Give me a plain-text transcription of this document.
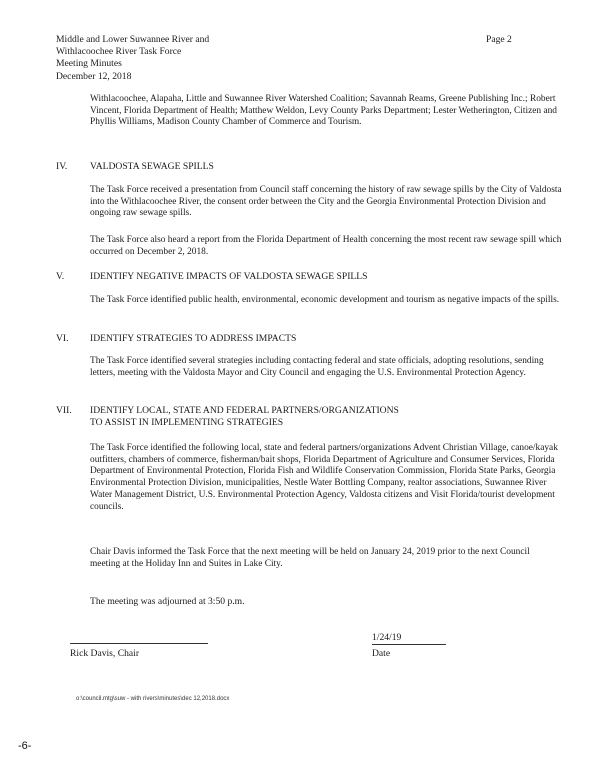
Middle and Lower Suwannee River and
Withlacoochee River Task Force
Meeting Minutes
December 12, 2018
Page 2
Withlacoochee, Alapaha, Little and Suwannee River Watershed Coalition; Savannah Reams, Greene Publishing Inc.; Robert Vincent, Florida Department of Health; Matthew Weldon, Levy County Parks Department; Lester Wetherington, Citizen and Phyllis Williams, Madison County Chamber of Commerce and Tourism.
IV. VALDOSTA SEWAGE SPILLS
The Task Force received a presentation from Council staff concerning the history of raw sewage spills by the City of Valdosta into the Withlacoochee River, the consent order between the City and the Georgia Environmental Protection Division and ongoing raw sewage spills.
The Task Force also heard a report from the Florida Department of Health concerning the most recent raw sewage spill which occurred on December 2, 2018.
V.	IDENTIFY NEGATIVE IMPACTS OF VALDOSTA SEWAGE SPILLS
The Task Force identified public health, environmental, economic development and tourism as negative impacts of the spills.
VI. IDENTIFY STRATEGIES TO ADDRESS IMPACTS
The Task Force identified several strategies including contacting federal and state officials, adopting resolutions, sending letters, meeting with the Valdosta Mayor and City Council and engaging the U.S. Environmental Protection Agency.
VII. IDENTIFY LOCAL, STATE AND FEDERAL PARTNERS/ORGANIZATIONS
TO ASSIST IN IMPLEMENTING STRATEGIES
The Task Force identified the following local, state and federal partners/organizations Advent Christian Village, canoe/kayak outfitters, chambers of commerce, fisherman/bait shops, Florida Department of Agriculture and Consumer Services, Florida Department of Environmental Protection, Florida Fish and Wildlife Conservation Commission, Florida State Parks, Georgia Environmental Protection Division, municipalities, Nestle Water Bottling Company, realtor associations, Suwannee River Water Management District, U.S. Environmental Protection Agency, Valdosta citizens and Visit Florida/tourist development councils.
Chair Davis informed the Task Force that the next meeting will be held on January 24, 2019 prior to the next Council meeting at the Holiday Inn and Suites in Lake City.
The meeting was adjourned at 3:50 p.m.
Rick Davis, Chair
1/24/19
Date
o:\council.mtg\suw - with rivers\minutes\dec 12,2018.docx
-6-
